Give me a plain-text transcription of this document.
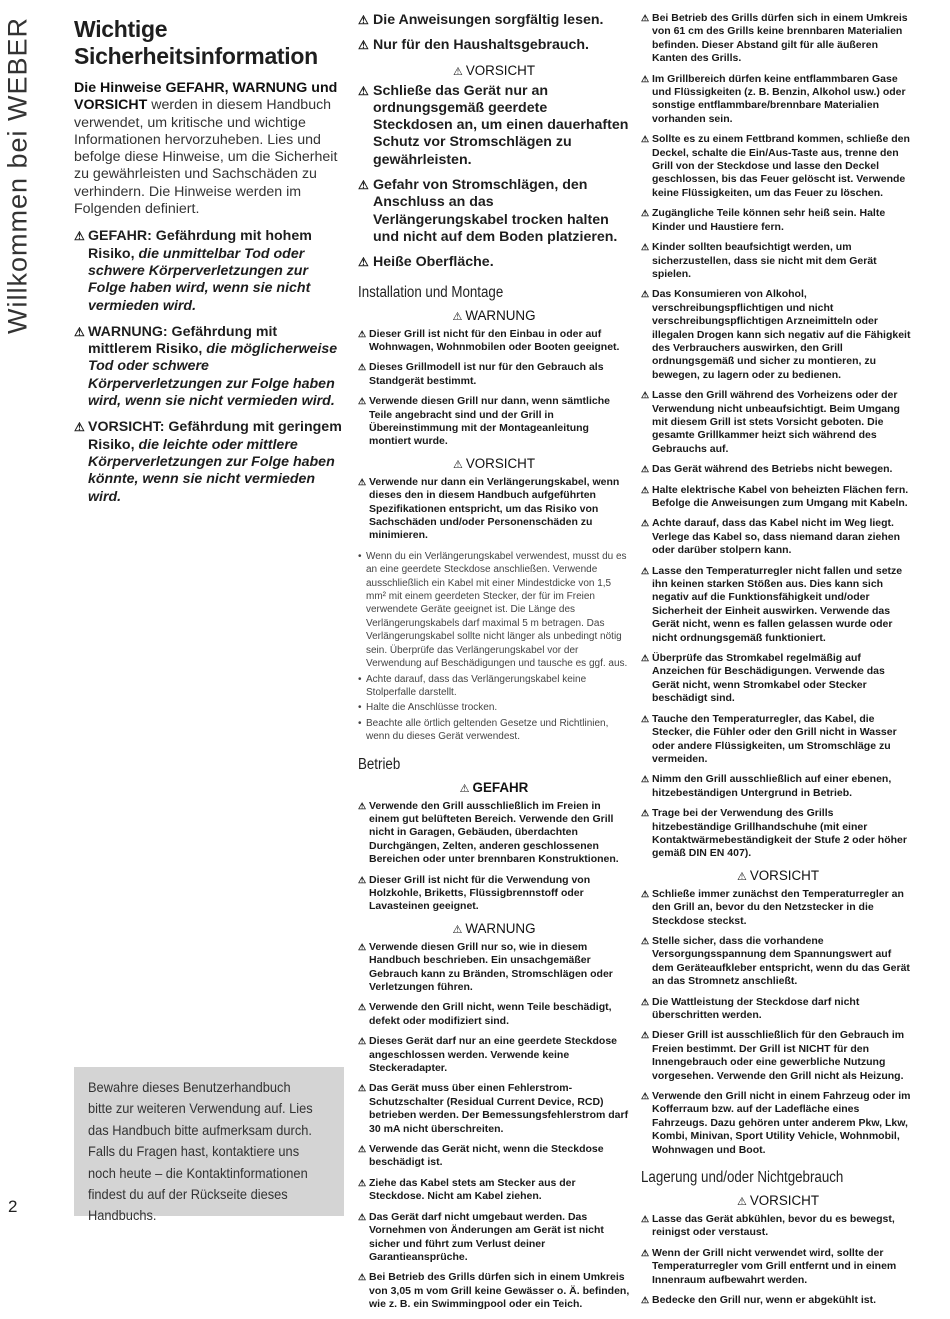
Willkommen bei WEBER
2
Wichtige Sicherheitsinformation

Die Hinweise GEFAHR, WARNUNG und VORSICHT werden in diesem Handbuch verwendet, um kritische und wichtige Informationen hervorzuheben. Lies und befolge diese Hinweise, um die Sicherheit zu gewährleisten und Sachschäden zu verhindern. Die Hinweise werden im Folgenden definiert.

⚠ GEFAHR: Gefährdung mit hohem Risiko, die unmittelbar Tod oder schwere Körperverletzungen zur Folge haben wird, wenn sie nicht vermieden wird.
⚠ WARNUNG: Gefährdung mit mittlerem Risiko, die möglicherweise Tod oder schwere Körperverletzungen zur Folge haben wird, wenn sie nicht vermieden wird.
⚠ VORSICHT: Gefährdung mit geringem Risiko, die leichte oder mittlere Körperverletzungen zur Folge haben könnte, wenn sie nicht vermieden wird.
Bewahre dieses Benutzerhandbuch bitte zur weiteren Verwendung auf. Lies das Handbuch bitte aufmerksam durch. Falls du Fragen hast, kontaktiere uns noch heute – die Kontaktinformationen findest du auf der Rückseite dieses Handbuchs.
⚠ Die Anweisungen sorgfältig lesen.
⚠ Nur für den Haushaltsgebrauch.
⚠ VORSICHT
⚠ Schließe das Gerät nur an ordnungsgemäß geerdete Steckdosen an, um einen dauerhaften Schutz vor Stromschlägen zu gewährleisten.
⚠ Gefahr von Stromschlägen, den Anschluss an das Verlängerungskabel trocken halten und nicht auf dem Boden platzieren.
⚠ Heiße Oberfläche.
Installation und Montage
⚠ WARNUNG
⚠ Dieser Grill ist nicht für den Einbau in oder auf Wohnwagen, Wohnmobilen oder Booten geeignet.
⚠ Dieses Grillmodell ist nur für den Gebrauch als Standgerät bestimmt.
⚠ Verwende diesen Grill nur dann, wenn sämtliche Teile angebracht sind und der Grill in Übereinstimmung mit der Montageanleitung montiert wurde.
⚠ VORSICHT
⚠ Verwende nur dann ein Verlängerungskabel, wenn dieses den in diesem Handbuch aufgeführten Spezifikationen entspricht, um das Risiko von Sachschäden und/oder Personenschäden zu minimieren.
• Wenn du ein Verlängerungskabel verwendest, musst du es an eine geerdete Steckdose anschließen. Verwende ausschließlich ein Kabel mit einer Mindestdicke von 1,5 mm² mit einem geerdeten Stecker, der für im Freien verwendete Geräte geeignet ist. Die Länge des Verlängerungskabels darf maximal 5 m betragen. Das Verlängerungskabel sollte nicht länger als unbedingt nötig sein. Überprüfe das Verlängerungskabel vor der Verwendung auf Beschädigungen und tausche es ggf. aus.
• Achte darauf, dass das Verlängerungskabel keine Stolperfalle darstellt.
• Halte die Anschlüsse trocken.
• Beachte alle örtlich geltenden Gesetze und Richtlinien, wenn du dieses Gerät verwendest.
Betrieb
⚠ GEFAHR
⚠ Verwende den Grill ausschließlich im Freien in einem gut belüfteten Bereich. Verwende den Grill nicht in Garagen, Gebäuden, überdachten Durchgängen, Zelten, anderen geschlossenen Bereichen oder unter brennbaren Konstruktionen.
⚠ Dieser Grill ist nicht für die Verwendung von Holzkohle, Briketts, Flüssigbrennstoff oder Lavasteinen geeignet.
⚠ WARNUNG
⚠ Verwende diesen Grill nur so, wie in diesem Handbuch beschrieben. Ein unsachgemäßer Gebrauch kann zu Bränden, Stromschlägen oder Verletzungen führen.
⚠ Verwende den Grill nicht, wenn Teile beschädigt, defekt oder modifiziert sind.
⚠ Dieses Gerät darf nur an eine geerdete Steckdose angeschlossen werden. Verwende keine Steckeradapter.
⚠ Das Gerät muss über einen Fehlerstrom-Schutzschalter (Residual Current Device, RCD) betrieben werden. Der Bemessungsfehlerstrom darf 30 mA nicht überschreiten.
⚠ Verwende das Gerät nicht, wenn die Steckdose beschädigt ist.
⚠ Ziehe das Kabel stets am Stecker aus der Steckdose. Nicht am Kabel ziehen.
⚠ Das Gerät darf nicht umgebaut werden. Das Vornehmen von Änderungen am Gerät ist nicht sicher und führt zum Verlust deiner Garantieansprüche.
⚠ Bei Betrieb des Grills dürfen sich in einem Umkreis von 3,05 m vom Grill keine Gewässer o. Ä. befinden, wie z. B. ein Swimmingpool oder ein Teich.
⚠ Bei Betrieb des Grills dürfen sich in einem Umkreis von 61 cm des Grills keine brennbaren Materialien befinden. Dieser Abstand gilt für alle äußeren Kanten des Grills.
⚠ Im Grillbereich dürfen keine entflammbaren Gase und Flüssigkeiten (z. B. Benzin, Alkohol usw.) oder sonstige entflammbare/brennbare Materialien vorhanden sein.
⚠ Sollte es zu einem Fettbrand kommen, schließe den Deckel, schalte die Ein/Aus-Taste aus, trenne den Grill von der Steckdose und lasse den Deckel geschlossen, bis das Feuer gelöscht ist. Verwende keine Flüssigkeiten, um das Feuer zu löschen.
⚠ Zugängliche Teile können sehr heiß sein. Halte Kinder und Haustiere fern.
⚠ Kinder sollten beaufsichtigt werden, um sicherzustellen, dass sie nicht mit dem Gerät spielen.
⚠ Das Konsumieren von Alkohol, verschreibungspflichtigen und nicht verschreibungspflichtigen Arzneimitteln oder illegalen Drogen kann sich negativ auf die Fähigkeit des Verbrauchers auswirken, den Grill ordnungsgemäß und sicher zu montieren, zu bewegen, zu lagern oder zu bedienen.
⚠ Lasse den Grill während des Vorheizens oder der Verwendung nicht unbeaufsichtigt. Beim Umgang mit diesem Grill ist stets Vorsicht geboten. Die gesamte Grillkammer heizt sich während des Gebrauchs auf.
⚠ Das Gerät während des Betriebs nicht bewegen.
⚠ Halte elektrische Kabel von beheizten Flächen fern. Befolge die Anweisungen zum Umgang mit Kabeln.
⚠ Achte darauf, dass das Kabel nicht im Weg liegt. Verlege das Kabel so, dass niemand daran ziehen oder darüber stolpern kann.
⚠ Lasse den Temperaturregler nicht fallen und setze ihn keinen starken Stößen aus. Dies kann sich negativ auf die Funktionsfähigkeit und/oder Sicherheit der Einheit auswirken. Verwende das Gerät nicht, wenn es fallen gelassen wurde oder nicht ordnungsgemäß funktioniert.
⚠ Überprüfe das Stromkabel regelmäßig auf Anzeichen für Beschädigungen. Verwende das Gerät nicht, wenn Stromkabel oder Stecker beschädigt sind.
⚠ Tauche den Temperaturregler, das Kabel, die Stecker, die Fühler oder den Grill nicht in Wasser oder andere Flüssigkeiten, um Stromschläge zu vermeiden.
⚠ Nimm den Grill ausschließlich auf einer ebenen, hitzebeständigen Untergrund in Betrieb.
⚠ Trage bei der Verwendung des Grills hitzebeständige Grillhandschuhe (mit einer Kontaktwärmebeständigkeit der Stufe 2 oder höher gemäß DIN EN 407).
⚠ VORSICHT
⚠ Schließe immer zunächst den Temperaturregler an den Grill an, bevor du den Netzstecker in die Steckdose steckst.
⚠ Stelle sicher, dass die vorhandene Versorgungsspannung dem Spannungswert auf dem Geräteaufkleber entspricht, wenn du das Gerät an das Stromnetz anschließt.
⚠ Die Wattleistung der Steckdose darf nicht überschritten werden.
⚠ Dieser Grill ist ausschließlich für den Gebrauch im Freien bestimmt. Der Grill ist NICHT für den Innengebrauch oder eine gewerbliche Nutzung vorgesehen. Verwende den Grill nicht als Heizung.
⚠ Verwende den Grill nicht in einem Fahrzeug oder im Kofferraum bzw. auf der Ladefläche eines Fahrzeugs. Dazu gehören unter anderem Pkw, Lkw, Kombi, Minivan, Sport Utility Vehicle, Wohnmobil, Wohnwagen und Boot.
Lagerung und/oder Nichtgebrauch
⚠ VORSICHT
⚠ Lasse das Gerät abkühlen, bevor du es bewegst, reinigst oder verstaust.
⚠ Wenn der Grill nicht verwendet wird, sollte der Temperaturregler vom Grill entfernt und in einem Innenraum aufbewahrt werden.
⚠ Bedecke den Grill nur, wenn er abgekühlt ist.
